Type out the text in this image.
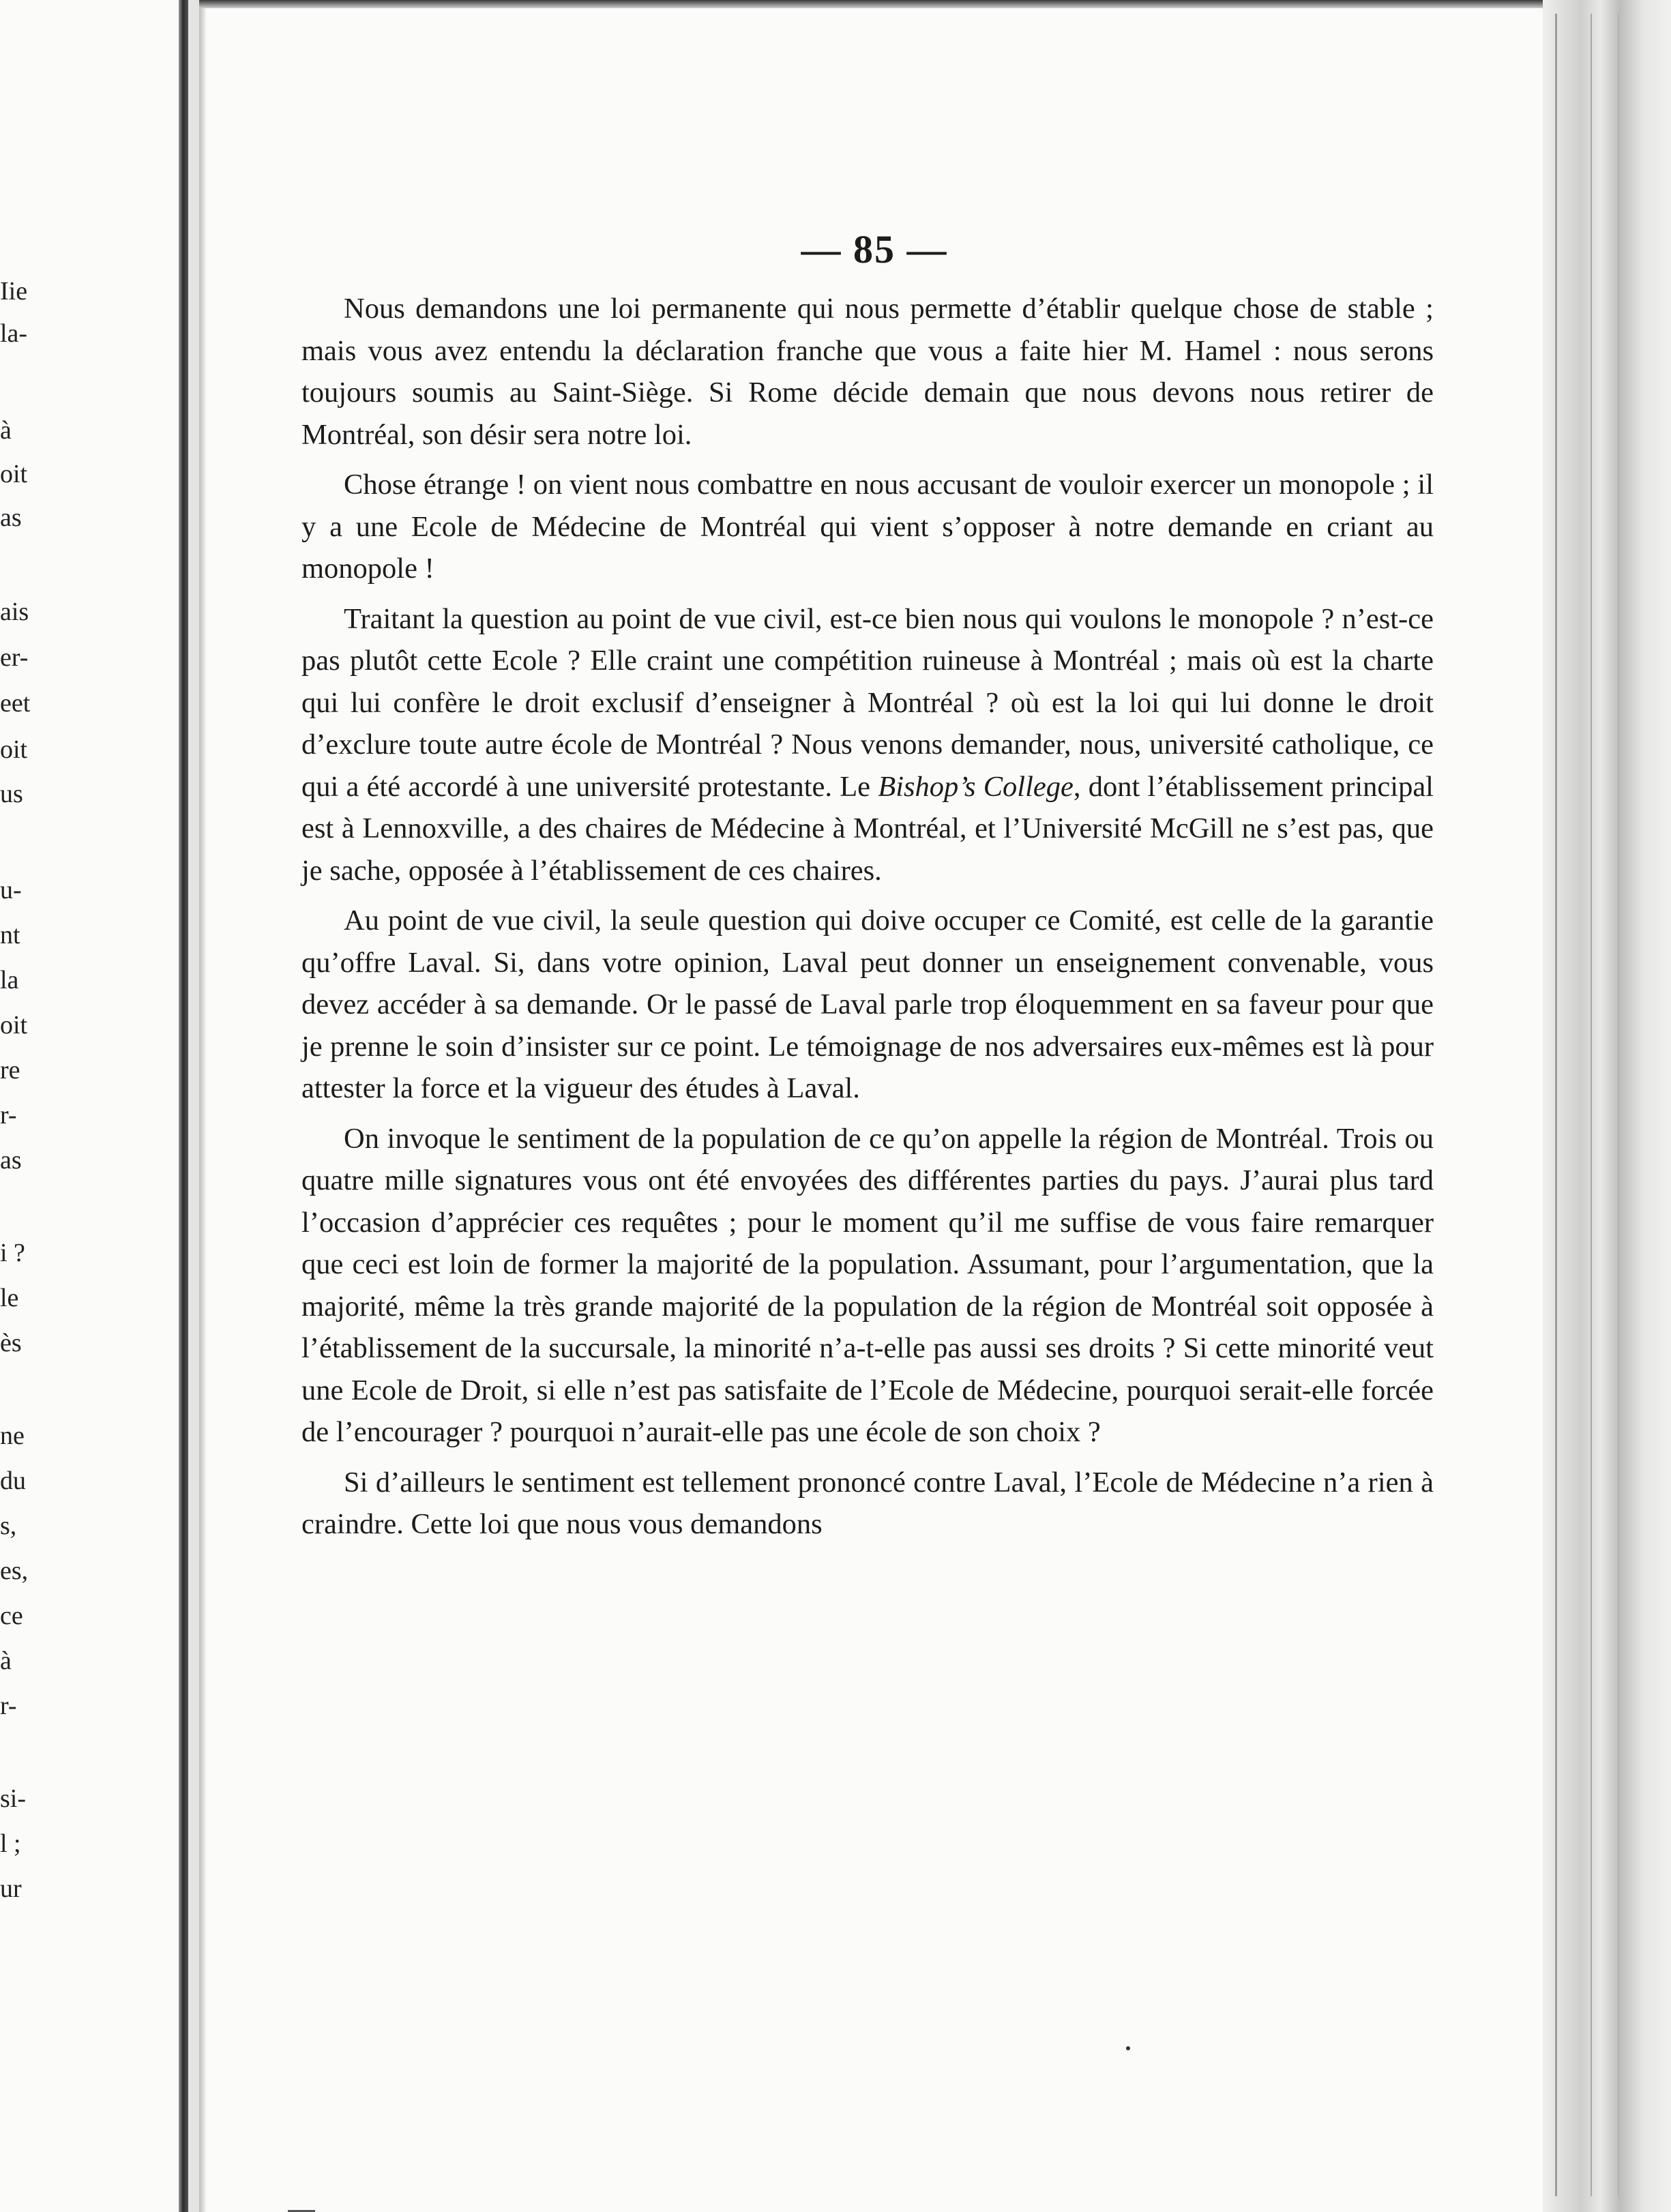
Iie
la-
à
oit
as
ais
er-
eet
oit
us
u-
nt
la
oit
re
r-
as
i ?
le
ès
ne
du
s,
es,
ce
à
r-
si-
l ;
ur
— 85 —

Nous demandons une loi permanente qui nous permette d’établir quelque chose de stable ; mais vous avez entendu la déclaration franche que vous a faite hier M. Hamel : nous serons toujours soumis au Saint-Siège. Si Rome décide demain que nous devons nous retirer de Montréal, son désir sera notre loi.

Chose étrange ! on vient nous combattre en nous accusant de vouloir exercer un monopole ; il y a une Ecole de Médecine de Montréal qui vient s’opposer à notre demande en criant au monopole !

Traitant la question au point de vue civil, est-ce bien nous qui voulons le monopole ? n’est-ce pas plutôt cette Ecole ? Elle craint une compétition ruineuse à Montréal ; mais où est la charte qui lui confère le droit exclusif d’enseigner à Montréal ? où est la loi qui lui donne le droit d’exclure toute autre école de Montréal ? Nous venons demander, nous, université catholique, ce qui a été accordé à une université protestante. Le Bishop’s College, dont l’établissement principal est à Lennoxville, a des chaires de Médecine à Montréal, et l’Université McGill ne s’est pas, que je sache, opposée à l’établissement de ces chaires.

Au point de vue civil, la seule question qui doive occuper ce Comité, est celle de la garantie qu’offre Laval. Si, dans votre opinion, Laval peut donner un enseignement convenable, vous devez accéder à sa demande. Or le passé de Laval parle trop éloquemment en sa faveur pour que je prenne le soin d’insister sur ce point. Le témoignage de nos adversaires eux-mêmes est là pour attester la force et la vigueur des études à Laval.

On invoque le sentiment de la population de ce qu’on appelle la région de Montréal. Trois ou quatre mille signatures vous ont été envoyées des différentes parties du pays. J’aurai plus tard l’occasion d’apprécier ces requêtes ; pour le moment qu’il me suffise de vous faire remarquer que ceci est loin de former la majorité de la population. Assumant, pour l’argumentation, que la majorité, même la très grande majorité de la population de la région de Montréal soit opposée à l’établissement de la succursale, la minorité n’a-t-elle pas aussi ses droits ? Si cette minorité veut une Ecole de Droit, si elle n’est pas satisfaite de l’Ecole de Médecine, pourquoi serait-elle forcée de l’encourager ? pourquoi n’aurait-elle pas une école de son choix ?

Si d’ailleurs le sentiment est tellement prononcé contre Laval, l’Ecole de Médecine n’a rien à craindre. Cette loi que nous vous demandons
